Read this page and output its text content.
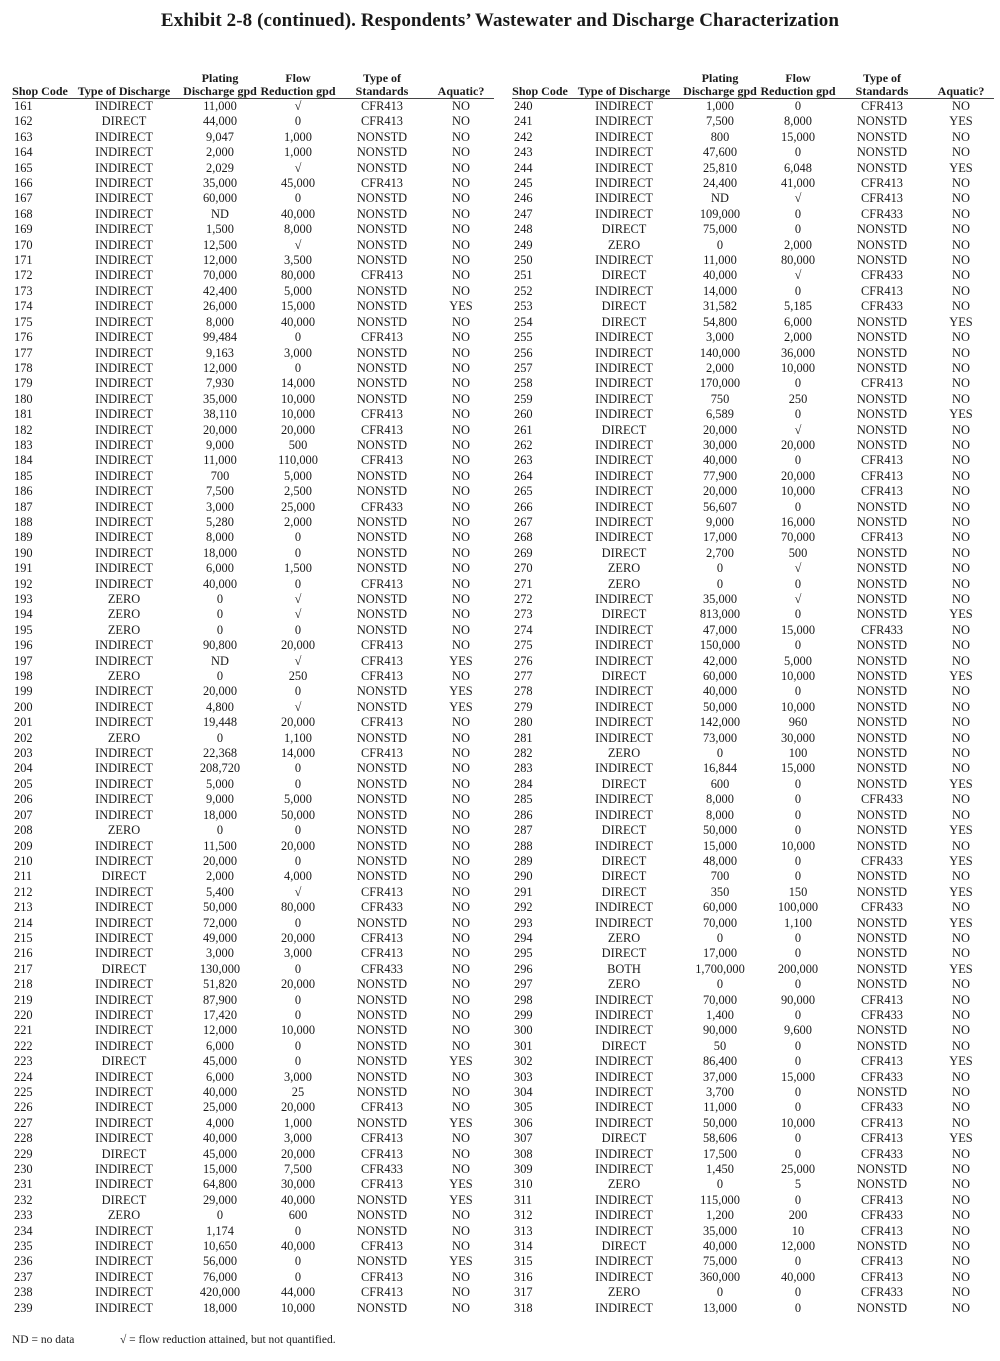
Exhibit 2-8 (continued). Respondents’ Wastewater and Discharge Characterization
Shop Code	Type of Discharge	Plating Discharge gpd	Flow Reduction gpd	Type of Standards	Aquatic?
161	INDIRECT	11,000	√	CFR413	NO
162	DIRECT	44,000	0	CFR413	NO
163	INDIRECT	9,047	1,000	NONSTD	NO
164	INDIRECT	2,000	1,000	NONSTD	NO
165	INDIRECT	2,029	√	NONSTD	NO
166	INDIRECT	35,000	45,000	CFR413	NO
167	INDIRECT	60,000	0	NONSTD	NO
168	INDIRECT	ND	40,000	NONSTD	NO
169	INDIRECT	1,500	8,000	NONSTD	NO
170	INDIRECT	12,500	√	NONSTD	NO
171	INDIRECT	12,000	3,500	NONSTD	NO
172	INDIRECT	70,000	80,000	CFR413	NO
173	INDIRECT	42,400	5,000	NONSTD	NO
174	INDIRECT	26,000	15,000	NONSTD	YES
175	INDIRECT	8,000	40,000	NONSTD	NO
176	INDIRECT	99,484	0	CFR413	NO
177	INDIRECT	9,163	3,000	NONSTD	NO
178	INDIRECT	12,000	0	NONSTD	NO
179	INDIRECT	7,930	14,000	NONSTD	NO
180	INDIRECT	35,000	10,000	NONSTD	NO
181	INDIRECT	38,110	10,000	CFR413	NO
182	INDIRECT	20,000	20,000	CFR413	NO
183	INDIRECT	9,000	500	NONSTD	NO
184	INDIRECT	11,000	110,000	CFR413	NO
185	INDIRECT	700	5,000	NONSTD	NO
186	INDIRECT	7,500	2,500	NONSTD	NO
187	INDIRECT	3,000	25,000	CFR433	NO
188	INDIRECT	5,280	2,000	NONSTD	NO
189	INDIRECT	8,000	0	NONSTD	NO
190	INDIRECT	18,000	0	NONSTD	NO
191	INDIRECT	6,000	1,500	NONSTD	NO
192	INDIRECT	40,000	0	CFR413	NO
193	ZERO	0	√	NONSTD	NO
194	ZERO	0	√	NONSTD	NO
195	ZERO	0	0	NONSTD	NO
196	INDIRECT	90,800	20,000	CFR413	NO
197	INDIRECT	ND	√	CFR413	YES
198	ZERO	0	250	CFR413	NO
199	INDIRECT	20,000	0	NONSTD	YES
200	INDIRECT	4,800	√	NONSTD	YES
201	INDIRECT	19,448	20,000	CFR413	NO
202	ZERO	0	1,100	NONSTD	NO
203	INDIRECT	22,368	14,000	CFR413	NO
204	INDIRECT	208,720	0	NONSTD	NO
205	INDIRECT	5,000	0	NONSTD	NO
206	INDIRECT	9,000	5,000	NONSTD	NO
207	INDIRECT	18,000	50,000	NONSTD	NO
208	ZERO	0	0	NONSTD	NO
209	INDIRECT	11,500	20,000	NONSTD	NO
210	INDIRECT	20,000	0	NONSTD	NO
211	DIRECT	2,000	4,000	NONSTD	NO
212	INDIRECT	5,400	√	CFR413	NO
213	INDIRECT	50,000	80,000	CFR433	NO
214	INDIRECT	72,000	0	NONSTD	NO
215	INDIRECT	49,000	20,000	CFR413	NO
216	INDIRECT	3,000	3,000	CFR413	NO
217	DIRECT	130,000	0	CFR433	NO
218	INDIRECT	51,820	20,000	NONSTD	NO
219	INDIRECT	87,900	0	NONSTD	NO
220	INDIRECT	17,420	0	NONSTD	NO
221	INDIRECT	12,000	10,000	NONSTD	NO
222	INDIRECT	6,000	0	NONSTD	NO
223	DIRECT	45,000	0	NONSTD	YES
224	INDIRECT	6,000	3,000	NONSTD	NO
225	INDIRECT	40,000	25	NONSTD	NO
226	INDIRECT	25,000	20,000	CFR413	NO
227	INDIRECT	4,000	1,000	NONSTD	YES
228	INDIRECT	40,000	3,000	CFR413	NO
229	DIRECT	45,000	20,000	CFR413	NO
230	INDIRECT	15,000	7,500	CFR433	NO
231	INDIRECT	64,800	30,000	CFR413	YES
232	DIRECT	29,000	40,000	NONSTD	YES
233	ZERO	0	600	NONSTD	NO
234	INDIRECT	1,174	0	NONSTD	NO
235	INDIRECT	10,650	40,000	CFR413	NO
236	INDIRECT	56,000	0	NONSTD	YES
237	INDIRECT	76,000	0	CFR413	NO
238	INDIRECT	420,000	44,000	CFR413	NO
239	INDIRECT	18,000	10,000	NONSTD	NO
Shop Code	Type of Discharge	Plating Discharge gpd	Flow Reduction gpd	Type of Standards	Aquatic?
240	INDIRECT	1,000	0	CFR413	NO
241	INDIRECT	7,500	8,000	NONSTD	YES
242	INDIRECT	800	15,000	NONSTD	NO
243	INDIRECT	47,600	0	NONSTD	NO
244	INDIRECT	25,810	6,048	NONSTD	YES
245	INDIRECT	24,400	41,000	CFR413	NO
246	INDIRECT	ND	√	CFR413	NO
247	INDIRECT	109,000	0	CFR433	NO
248	DIRECT	75,000	0	NONSTD	NO
249	ZERO	0	2,000	NONSTD	NO
250	INDIRECT	11,000	80,000	NONSTD	NO
251	DIRECT	40,000	√	CFR433	NO
252	INDIRECT	14,000	0	CFR413	NO
253	DIRECT	31,582	5,185	CFR433	NO
254	DIRECT	54,800	6,000	NONSTD	YES
255	INDIRECT	3,000	2,000	NONSTD	NO
256	INDIRECT	140,000	36,000	NONSTD	NO
257	INDIRECT	2,000	10,000	NONSTD	NO
258	INDIRECT	170,000	0	CFR413	NO
259	INDIRECT	750	250	NONSTD	NO
260	INDIRECT	6,589	0	NONSTD	YES
261	DIRECT	20,000	√	NONSTD	NO
262	INDIRECT	30,000	20,000	NONSTD	NO
263	INDIRECT	40,000	0	CFR413	NO
264	INDIRECT	77,900	20,000	CFR413	NO
265	INDIRECT	20,000	10,000	CFR413	NO
266	INDIRECT	56,607	0	NONSTD	NO
267	INDIRECT	9,000	16,000	NONSTD	NO
268	INDIRECT	17,000	70,000	CFR413	NO
269	DIRECT	2,700	500	NONSTD	NO
270	ZERO	0	√	NONSTD	NO
271	ZERO	0	0	NONSTD	NO
272	INDIRECT	35,000	√	NONSTD	NO
273	DIRECT	813,000	0	NONSTD	YES
274	INDIRECT	47,000	15,000	CFR433	NO
275	INDIRECT	150,000	0	NONSTD	NO
276	INDIRECT	42,000	5,000	NONSTD	NO
277	DIRECT	60,000	10,000	NONSTD	YES
278	INDIRECT	40,000	0	NONSTD	NO
279	INDIRECT	50,000	10,000	NONSTD	NO
280	INDIRECT	142,000	960	NONSTD	NO
281	INDIRECT	73,000	30,000	NONSTD	NO
282	ZERO	0	100	NONSTD	NO
283	INDIRECT	16,844	15,000	NONSTD	NO
284	DIRECT	600	0	NONSTD	YES
285	INDIRECT	8,000	0	CFR433	NO
286	INDIRECT	8,000	0	NONSTD	NO
287	DIRECT	50,000	0	NONSTD	YES
288	INDIRECT	15,000	10,000	NONSTD	NO
289	DIRECT	48,000	0	CFR433	YES
290	DIRECT	700	0	NONSTD	NO
291	DIRECT	350	150	NONSTD	YES
292	INDIRECT	60,000	100,000	CFR433	NO
293	INDIRECT	70,000	1,100	NONSTD	YES
294	ZERO	0	0	NONSTD	NO
295	DIRECT	17,000	0	NONSTD	NO
296	BOTH	1,700,000	200,000	NONSTD	YES
297	ZERO	0	0	NONSTD	NO
298	INDIRECT	70,000	90,000	CFR413	NO
299	INDIRECT	1,400	0	CFR433	NO
300	INDIRECT	90,000	9,600	NONSTD	NO
301	DIRECT	50	0	NONSTD	NO
302	INDIRECT	86,400	0	CFR413	YES
303	INDIRECT	37,000	15,000	CFR433	NO
304	INDIRECT	3,700	0	NONSTD	NO
305	INDIRECT	11,000	0	CFR433	NO
306	INDIRECT	50,000	10,000	CFR413	NO
307	DIRECT	58,606	0	CFR413	YES
308	INDIRECT	17,500	0	CFR433	NO
309	INDIRECT	1,450	25,000	NONSTD	NO
310	ZERO	0	5	NONSTD	NO
311	INDIRECT	115,000	0	CFR413	NO
312	INDIRECT	1,200	200	CFR433	NO
313	INDIRECT	35,000	10	CFR413	NO
314	DIRECT	40,000	12,000	NONSTD	NO
315	INDIRECT	75,000	0	CFR413	NO
316	INDIRECT	360,000	40,000	CFR413	NO
317	ZERO	0	0	CFR433	NO
318	INDIRECT	13,000	0	NONSTD	NO
ND = no data	√ = flow reduction attained, but not quantified.
